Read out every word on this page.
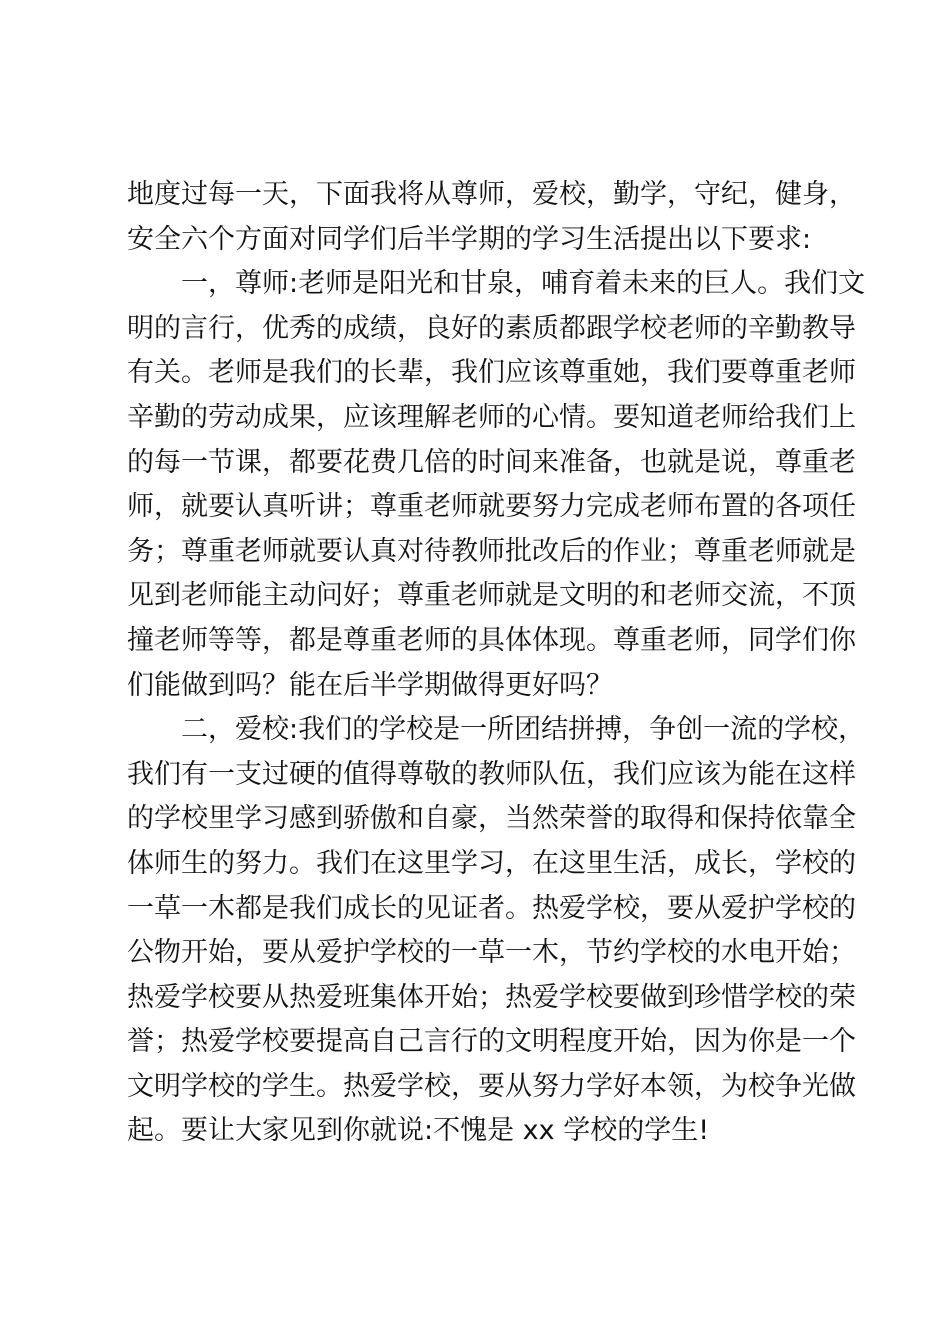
地度过每一天，下面我将从尊师，爱校，勤学，守纪，健身，
安全六个方面对同学们后半学期的学习生活提出以下要求:
一，尊师:老师是阳光和甘泉，哺育着未来的巨人。我们文
明的言行，优秀的成绩，良好的素质都跟学校老师的辛勤教导
有关。老师是我们的长辈，我们应该尊重她，我们要尊重老师
辛勤的劳动成果，应该理解老师的心情。要知道老师给我们上
的每一节课，都要花费几倍的时间来准备，也就是说，尊重老
师，就要认真听讲；尊重老师就要努力完成老师布置的各项任
务；尊重老师就要认真对待教师批改后的作业；尊重老师就是
见到老师能主动问好；尊重老师就是文明的和老师交流，不顶
撞老师等等，都是尊重老师的具体体现。尊重老师，同学们你
们能做到吗？能在后半学期做得更好吗？
二，爱校:我们的学校是一所团结拼搏，争创一流的学校，
我们有一支过硬的值得尊敬的教师队伍，我们应该为能在这样
的学校里学习感到骄傲和自豪，当然荣誉的取得和保持依靠全
体师生的努力。我们在这里学习，在这里生活，成长，学校的
一草一木都是我们成长的见证者。热爱学校，要从爱护学校的
公物开始，要从爱护学校的一草一木，节约学校的水电开始；
热爱学校要从热爱班集体开始；热爱学校要做到珍惜学校的荣
誉；热爱学校要提高自己言行的文明程度开始，因为你是一个
文明学校的学生。热爱学校，要从努力学好本领，为校争光做
起。要让大家见到你就说:不愧是 xx 学校的学生!
